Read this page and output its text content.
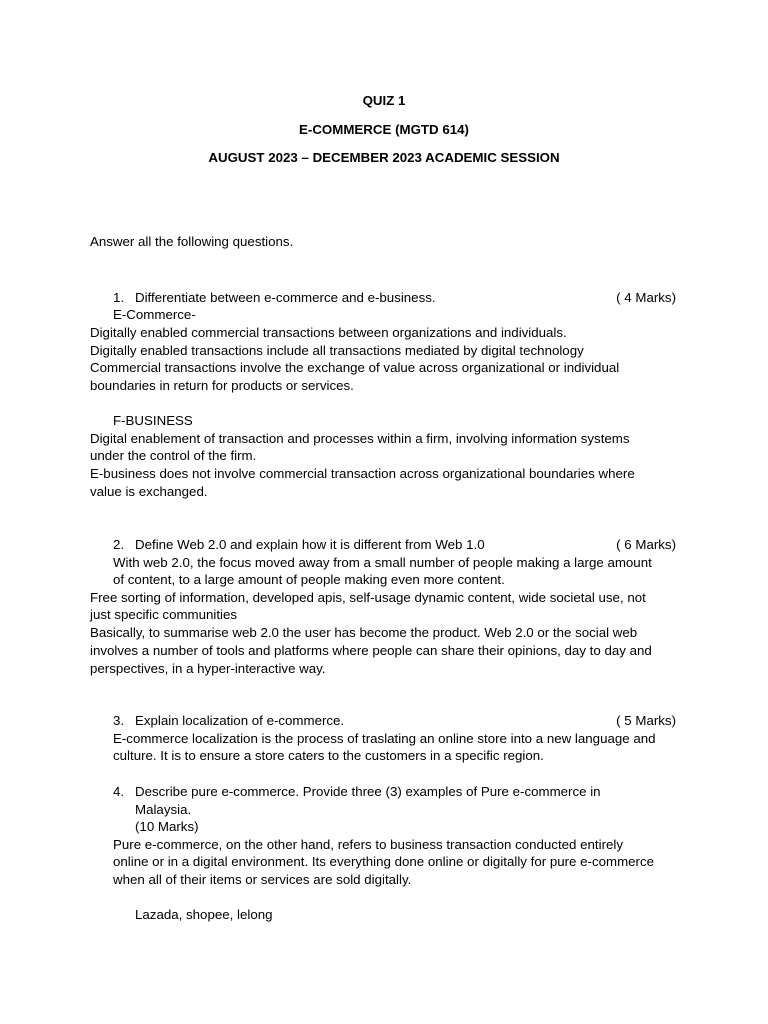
QUIZ 1
E-COMMERCE (MGTD 614)
AUGUST 2023 – DECEMBER 2023 ACADEMIC SESSION
Answer all the following questions.
1. Differentiate between e-commerce and e-business.	( 4 Marks)
E-Commerce-
Digitally enabled commercial transactions between organizations and individuals.
Digitally enabled transactions include all transactions mediated by digital technology
Commercial transactions involve the exchange of value across organizational or individual
boundaries in return for products or services.
F-BUSINESS
Digital enablement of transaction and processes within a firm, involving information systems
under the control of the firm.
E-business does not involve commercial transaction across organizational boundaries where
value is exchanged.
2. Define Web 2.0 and explain how it is different from Web 1.0	( 6 Marks)
With web 2.0, the focus moved away from a small number of people making a large amount
of content, to a large amount of people making even more content.
Free sorting of information, developed apis, self-usage dynamic content, wide societal use, not
just specific communities
Basically, to summarise web 2.0 the user has become the product. Web 2.0 or the social web
involves a number of tools and platforms where people can share their opinions, day to day and
perspectives, in a hyper-interactive way.
3. Explain localization of e-commerce.	( 5 Marks)
E-commerce localization is the process of traslating an online store into a new language and
culture. It is to ensure a store caters to the customers in a specific region.
4. Describe pure e-commerce. Provide three (3) examples of Pure e-commerce in
Malaysia.
(10 Marks)
Pure e-commerce, on the other hand, refers to business transaction conducted entirely
online or in a digital environment. Its everything done online or digitally for pure e-commerce
when all of their items or services are sold digitally.
Lazada, shopee, lelong
